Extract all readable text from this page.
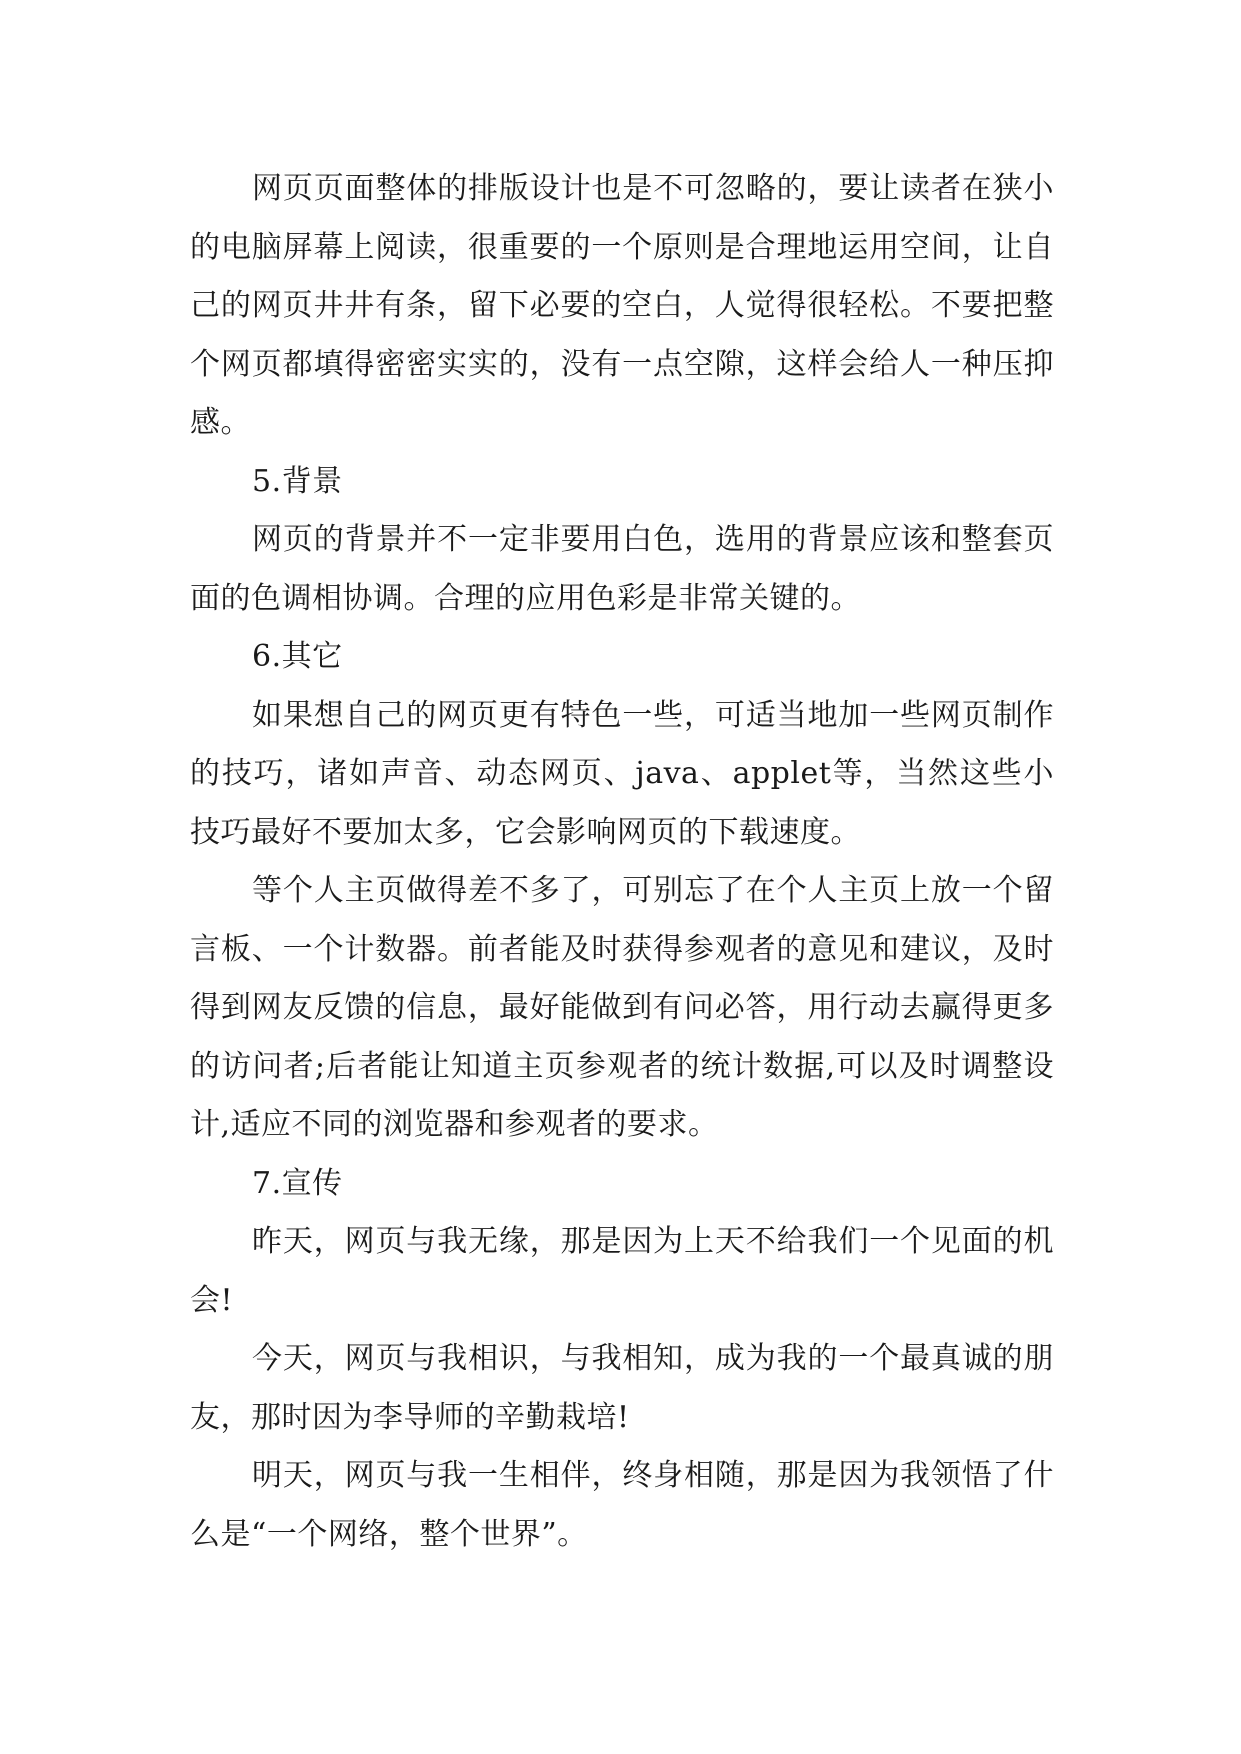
网页页面整体的排版设计也是不可忽略的，要让读者在狭小的电脑屏幕上阅读，很重要的一个原则是合理地运用空间，让自己的网页井井有条，留下必要的空白，人觉得很轻松。不要把整个网页都填得密密实实的，没有一点空隙，这样会给人一种压抑感。

5.背景

网页的背景并不一定非要用白色，选用的背景应该和整套页面的色调相协调。合理的应用色彩是非常关键的。

6.其它

如果想自己的网页更有特色一些，可适当地加一些网页制作的技巧，诸如声音、动态网页、java、applet等，当然这些小技巧最好不要加太多，它会影响网页的下载速度。

等个人主页做得差不多了，可别忘了在个人主页上放一个留言板、一个计数器。前者能及时获得参观者的意见和建议，及时得到网友反馈的信息，最好能做到有问必答，用行动去赢得更多的访问者;后者能让知道主页参观者的统计数据,可以及时调整设计,适应不同的浏览器和参观者的要求。

7.宣传

昨天，网页与我无缘，那是因为上天不给我们一个见面的机会!

今天，网页与我相识，与我相知，成为我的一个最真诚的朋友，那时因为李导师的辛勤栽培!

明天，网页与我一生相伴，终身相随，那是因为我领悟了什么是“一个网络，整个世界”。
